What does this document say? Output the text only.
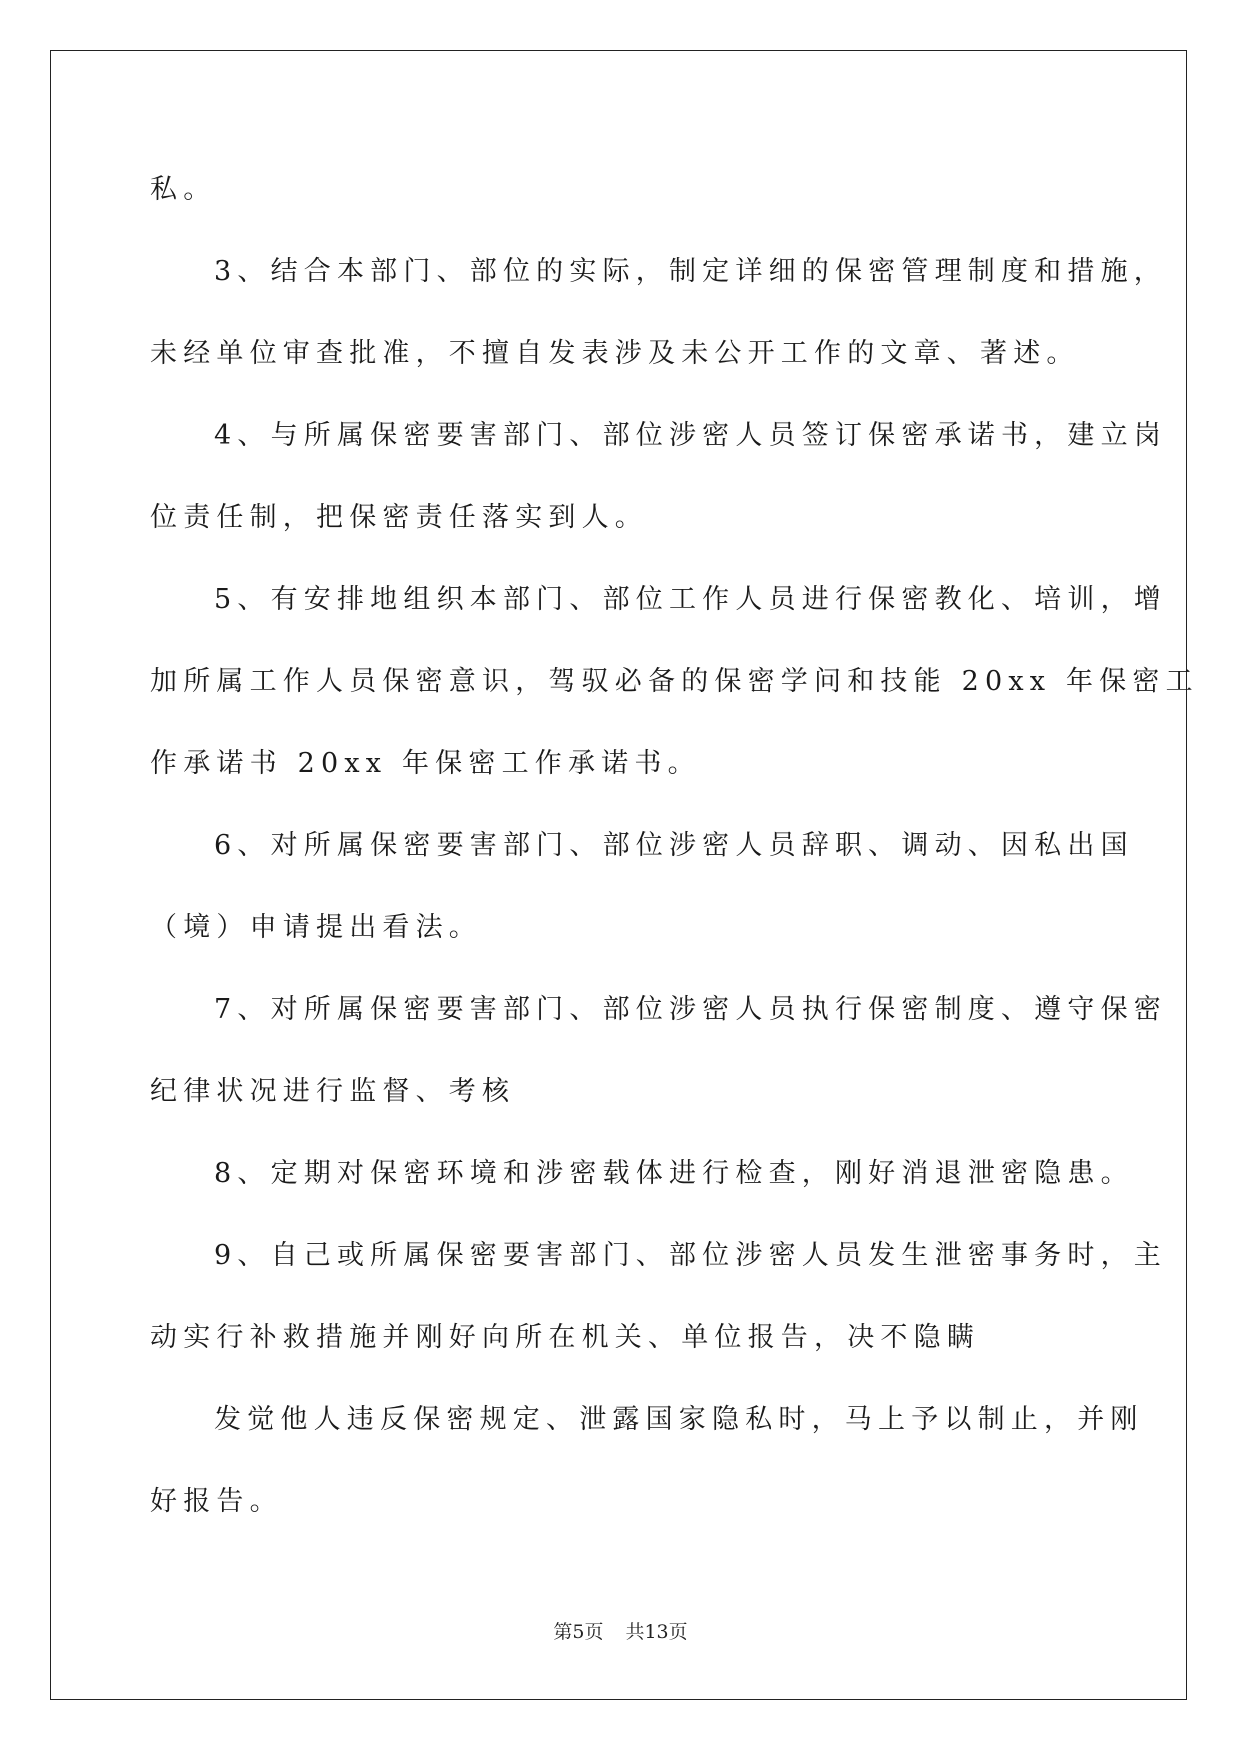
私。
3、结合本部门、部位的实际，制定详细的保密管理制度和措施，
未经单位审查批准，不擅自发表涉及未公开工作的文章、著述。
4、与所属保密要害部门、部位涉密人员签订保密承诺书，建立岗
位责任制，把保密责任落实到人。
5、有安排地组织本部门、部位工作人员进行保密教化、培训，增
加所属工作人员保密意识，驾驭必备的保密学问和技能 20xx 年保密工
作承诺书 20xx 年保密工作承诺书。
6、对所属保密要害部门、部位涉密人员辞职、调动、因私出国
（境）申请提出看法。
7、对所属保密要害部门、部位涉密人员执行保密制度、遵守保密
纪律状况进行监督、考核
8、定期对保密环境和涉密载体进行检查，刚好消退泄密隐患。
9、自己或所属保密要害部门、部位涉密人员发生泄密事务时，主
动实行补救措施并刚好向所在机关、单位报告，决不隐瞒
发觉他人违反保密规定、泄露国家隐私时，马上予以制止，并刚
好报告。
第5页 共13页
